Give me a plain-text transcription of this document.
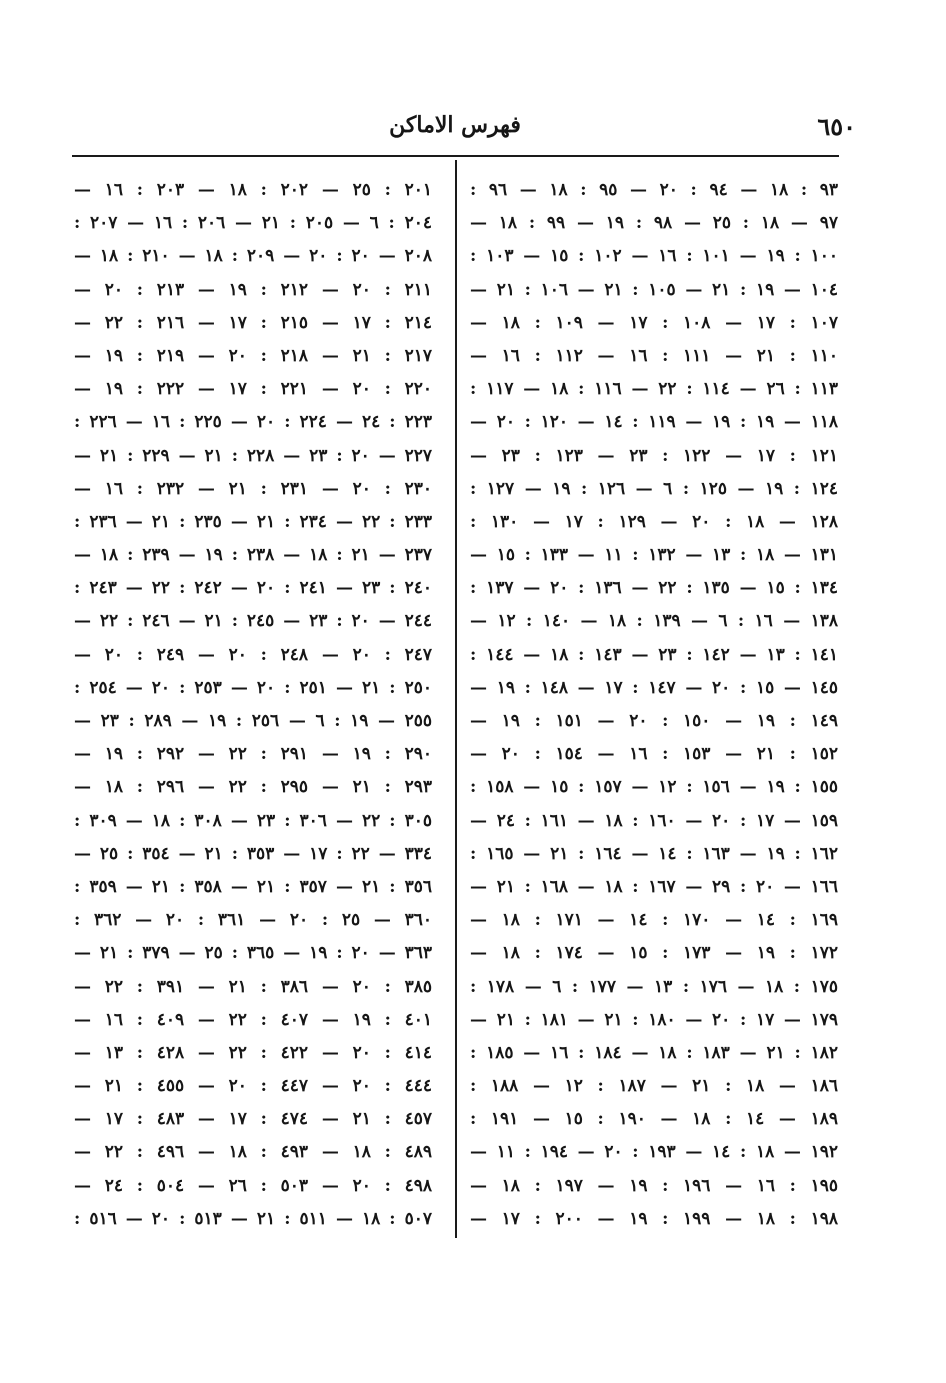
٦٥٠
فهرس الاماكن
٩٣ : ١٨ — ٩٤ : ٢٠ — ٩٥ : ١٨ — ٩٦ :
٩٧ — ١٨ : ٢٥ — ٩٨ : ١٩ — ٩٩ : ١٨ —
١٠٠ : ١٩ — ١٠١ : ١٦ — ١٠٢ : ١٥ — ١٠٣ :
١٠٤ — ١٩ : ٢١ — ١٠٥ : ٢١ — ١٠٦ : ٢١ —
١٠٧ : ١٧ — ١٠٨ : ١٧ — ١٠٩ : ١٨ —
١١٠ : ٢١ — ١١١ : ١٦ — ١١٢ : ١٦ —
١١٣ : ٢٦ — ١١٤ : ٢٢ — ١١٦ : ١٨ — ١١٧ :
١١٨ — ١٩ : ١٩ — ١١٩ : ١٤ — ١٢٠ : ٢٠ —
١٢١ : ١٧ — ١٢٢ : ٢٣ — ١٢٣ : ٢٣ —
١٢٤ : ١٩ — ١٢٥ : ٦ — ١٢٦ : ١٩ — ١٢٧ :
١٢٨ — ١٨ : ٢٠ — ١٢٩ : ١٧ — ١٣٠ :
١٣١ — ١٨ : ١٣ — ١٣٢ : ١١ — ١٣٣ : ١٥ —
١٣٤ : ١٥ — ١٣٥ : ٢٢ — ١٣٦ : ٢٠ — ١٣٧ :
١٣٨ — ١٦ : ٦ — ١٣٩ : ١٨ — ١٤٠ : ١٢ —
١٤١ : ١٣ — ١٤٢ : ٢٣ — ١٤٣ : ١٨ — ١٤٤ :
١٤٥ — ١٥ : ٢٠ — ١٤٧ : ١٧ — ١٤٨ : ١٩ —
١٤٩ : ١٩ — ١٥٠ : ٢٠ — ١٥١ : ١٩ —
١٥٢ : ٢١ — ١٥٣ : ١٦ — ١٥٤ : ٢٠ —
١٥٥ : ١٩ — ١٥٦ : ١٢ — ١٥٧ : ١٥ — ١٥٨ :
١٥٩ — ١٧ : ٢٠ — ١٦٠ : ١٨ — ١٦١ : ٢٤ —
١٦٢ : ١٩ — ١٦٣ : ١٤ — ١٦٤ : ٢١ — ١٦٥ :
١٦٦ — ٢٠ : ٢٩ — ١٦٧ : ١٨ — ١٦٨ : ٢١ —
١٦٩ : ١٤ — ١٧٠ : ١٤ — ١٧١ : ١٨ —
١٧٢ : ١٩ — ١٧٣ : ١٥ — ١٧٤ : ١٨ —
١٧٥ : ١٨ — ١٧٦ : ١٣ — ١٧٧ : ٦ — ١٧٨ :
١٧٩ — ١٧ : ٢٠ — ١٨٠ : ٢١ — ١٨١ : ٢١ —
١٨٢ : ٢١ — ١٨٣ : ١٨ — ١٨٤ : ١٦ — ١٨٥ :
١٨٦ — ١٨ : ٢١ — ١٨٧ : ١٢ — ١٨٨ :
١٨٩ — ١٤ : ١٨ — ١٩٠ : ١٥ — ١٩١ :
١٩٢ — ١٨ : ١٤ — ١٩٣ : ٢٠ — ١٩٤ : ١١ —
١٩٥ : ١٦ — ١٩٦ : ١٩ — ١٩٧ : ١٨ —
١٩٨ : ١٨ — ١٩٩ : ١٩ — ٢٠٠ : ١٧ —
٢٠١ : ٢٥ — ٢٠٢ : ١٨ — ٢٠٣ : ١٦ —
٢٠٤ : ٦ — ٢٠٥ : ٢١ — ٢٠٦ : ١٦ — ٢٠٧ :
٢٠٨ — ٢٠ : ٢٠ — ٢٠٩ : ١٨ — ٢١٠ : ١٨ —
٢١١ : ٢٠ — ٢١٢ : ١٩ — ٢١٣ : ٢٠ —
٢١٤ : ١٧ — ٢١٥ : ١٧ — ٢١٦ : ٢٢ —
٢١٧ : ٢١ — ٢١٨ : ٢٠ — ٢١٩ : ١٩ —
٢٢٠ : ٢٠ — ٢٢١ : ١٧ — ٢٢٢ : ١٩ —
٢٢٣ : ٢٤ — ٢٢٤ : ٢٠ — ٢٢٥ : ١٦ — ٢٢٦ :
٢٢٧ — ٢٠ : ٢٣ — ٢٢٨ : ٢١ — ٢٢٩ : ٢١ —
٢٣٠ : ٢٠ — ٢٣١ : ٢١ — ٢٣٢ : ١٦ —
٢٣٣ : ٢٢ — ٢٣٤ : ٢١ — ٢٣٥ : ٢١ — ٢٣٦ :
٢٣٧ — ٢١ : ١٨ — ٢٣٨ : ١٩ — ٢٣٩ : ١٨ —
٢٤٠ : ٢٣ — ٢٤١ : ٢٠ — ٢٤٢ : ٢٢ — ٢٤٣ :
٢٤٤ — ٢٠ : ٢٣ — ٢٤٥ : ٢١ — ٢٤٦ : ٢٢ —
٢٤٧ : ٢٠ — ٢٤٨ : ٢٠ — ٢٤٩ : ٢٠ —
٢٥٠ : ٢١ — ٢٥١ : ٢٠ — ٢٥٣ : ٢٠ — ٢٥٤ :
٢٥٥ — ١٩ : ٦ — ٢٥٦ : ١٩ — ٢٨٩ : ٢٣ —
٢٩٠ : ١٩ — ٢٩١ : ٢٢ — ٢٩٢ : ١٩ —
٢٩٣ : ٢١ — ٢٩٥ : ٢٢ — ٢٩٦ : ١٨ —
٣٠٥ : ٢٢ — ٣٠٦ : ٢٣ — ٣٠٨ : ١٨ — ٣٠٩ :
٣٣٤ — ٢٢ : ١٧ — ٣٥٣ : ٢١ — ٣٥٤ : ٢٥ —
٣٥٦ : ٢١ — ٣٥٧ : ٢١ — ٣٥٨ : ٢١ — ٣٥٩ :
٣٦٠ — ٢٥ : ٢٠ — ٣٦١ : ٢٠ — ٣٦٢ :
٣٦٣ — ٢٠ : ١٩ — ٣٦٥ : ٢٥ — ٣٧٩ : ٢١ —
٣٨٥ : ٢٠ — ٣٨٦ : ٢١ — ٣٩١ : ٢٢ —
٤٠١ : ١٩ — ٤٠٧ : ٢٢ — ٤٠٩ : ١٦ —
٤١٤ : ٢٠ — ٤٢٢ : ٢٢ — ٤٢٨ : ١٣ —
٤٤٤ : ٢٠ — ٤٤٧ : ٢٠ — ٤٥٥ : ٢١ —
٤٥٧ : ٢١ — ٤٧٤ : ١٧ — ٤٨٣ : ١٧ —
٤٨٩ : ١٨ — ٤٩٣ : ١٨ — ٤٩٦ : ٢٢ —
٤٩٨ : ٢٠ — ٥٠٣ : ٢٦ — ٥٠٤ : ٢٤ —
٥٠٧ : ١٨ — ٥١١ : ٢١ — ٥١٣ : ٢٠ — ٥١٦ :
